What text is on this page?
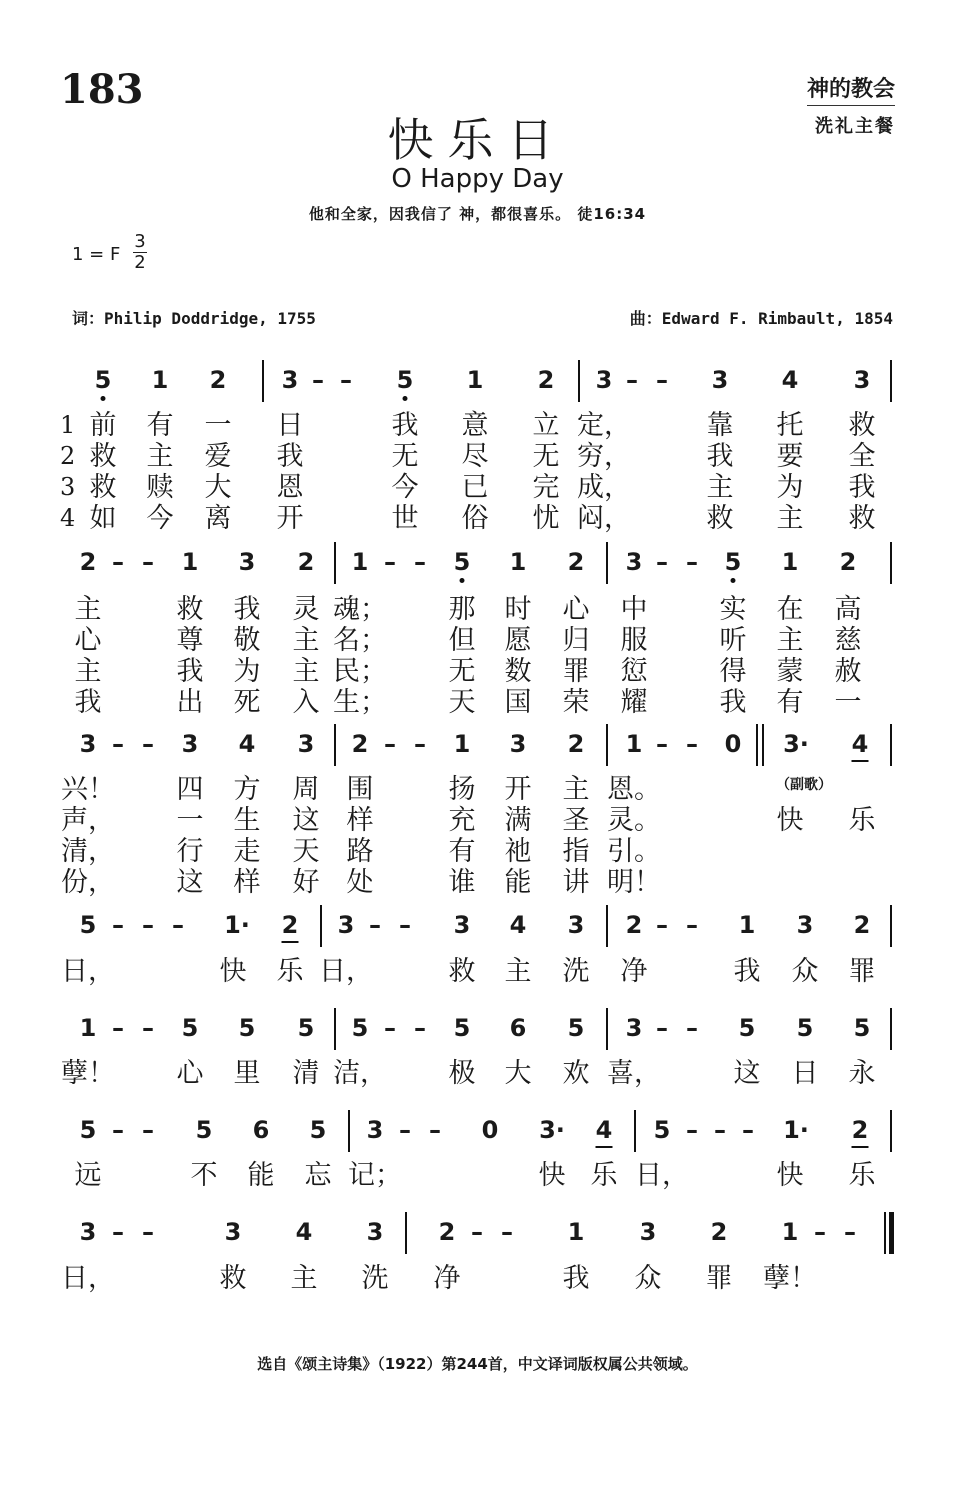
183	神的教会
洗礼主餐
快乐日
O Happy Day
他和全家，因我信了 神，都很喜乐。 徒16:34
1 = F $\frac{3}{2}$
词：Philip Doddridge, 1755	曲：Edward F. Rimbault, 1854
5 1 2 3 – – 5 1 2 3 – – 3 4 3
1 前 有 一 日	我 意 立 定，	靠 托 救
2 救 主 爱 我	无 尽 无 穷，	我 要 全
3 救 赎 大 恩	今 已 完 成，	主 为 我
4 如 今 离 开	世 俗 忧 闷，	救 主 救
2 – – 1 3 2 1 – – 5 1 2 3 – – 5 1 2
主	救 我 灵 魂； 那 时 心 中	实 在 高
心	尊 敬 主 名； 但 愿 归 服	听 主 慈
主	我 为 主 民； 无 数 罪 愆	得 蒙 赦
我	出 死 入 生； 天 国 荣 耀	我 有 一
3 – – 3 4 3 2 – – 1 3 2 1 – – 0 3· 4
兴！ 四 方 周 围	扬 开 主 恩。
声， 一 生 这 样	充 满 圣 灵。	快 乐
清， 行 走 天 路	有 祂 指 引。
份， 这 样 好 处	谁 能 讲 明！
5 – – – 1· 2 3 – – 3 4 3 2 – – 1 3 2
日，	快 乐 日，	救 主 洗 净	我 众 罪
1 – – 5 5 5 5 – – 5 6 5 3 – – 5 5 5
孽！ 心 里 清 洁， 极 大 欢 喜，	这 日 永
5 – – 5 6 5 3 – – 0 3· 4 5 – – – 1· 2
远	不 能 忘 记；	快 乐 日，	快 乐
3 – –	3 4 3 2 – – 1 3 2 1 – –
日，	救 主 洗 净	我 众 罪 孽！
（副歌）
选自《颂主诗集》（1922）第244首，中文译词版权属公共领域。
